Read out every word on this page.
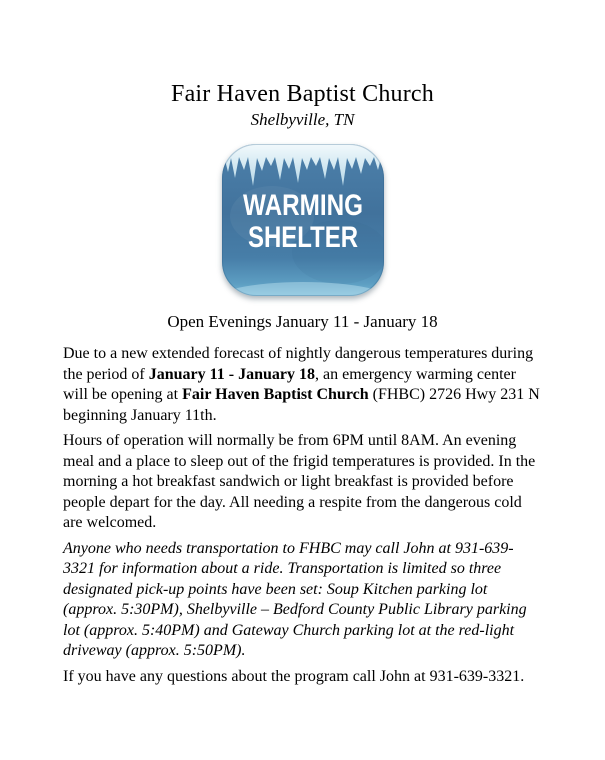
Fair Haven Baptist Church
Shelbyville, TN
WARMING
SHELTER
Open Evenings January 11 - January 18

Due to a new extended forecast of nightly dangerous temperatures during the period of January 11 - January 18, an emergency warming center will be opening at Fair Haven Baptist Church (FHBC) 2726 Hwy 231 N beginning January 11th.

Hours of operation will normally be from 6PM until 8AM. An evening meal and a place to sleep out of the frigid temperatures is provided. In the morning a hot breakfast sandwich or light breakfast is provided before people depart for the day. All needing a respite from the dangerous cold are welcomed.

Anyone who needs transportation to FHBC may call John at 931-639-3321 for information about a ride. Transportation is limited so three designated pick-up points have been set: Soup Kitchen parking lot (approx. 5:30PM), Shelbyville – Bedford County Public Library parking lot (approx. 5:40PM) and Gateway Church parking lot at the red-light driveway (approx. 5:50PM).

If you have any questions about the program call John at 931-639-3321.
